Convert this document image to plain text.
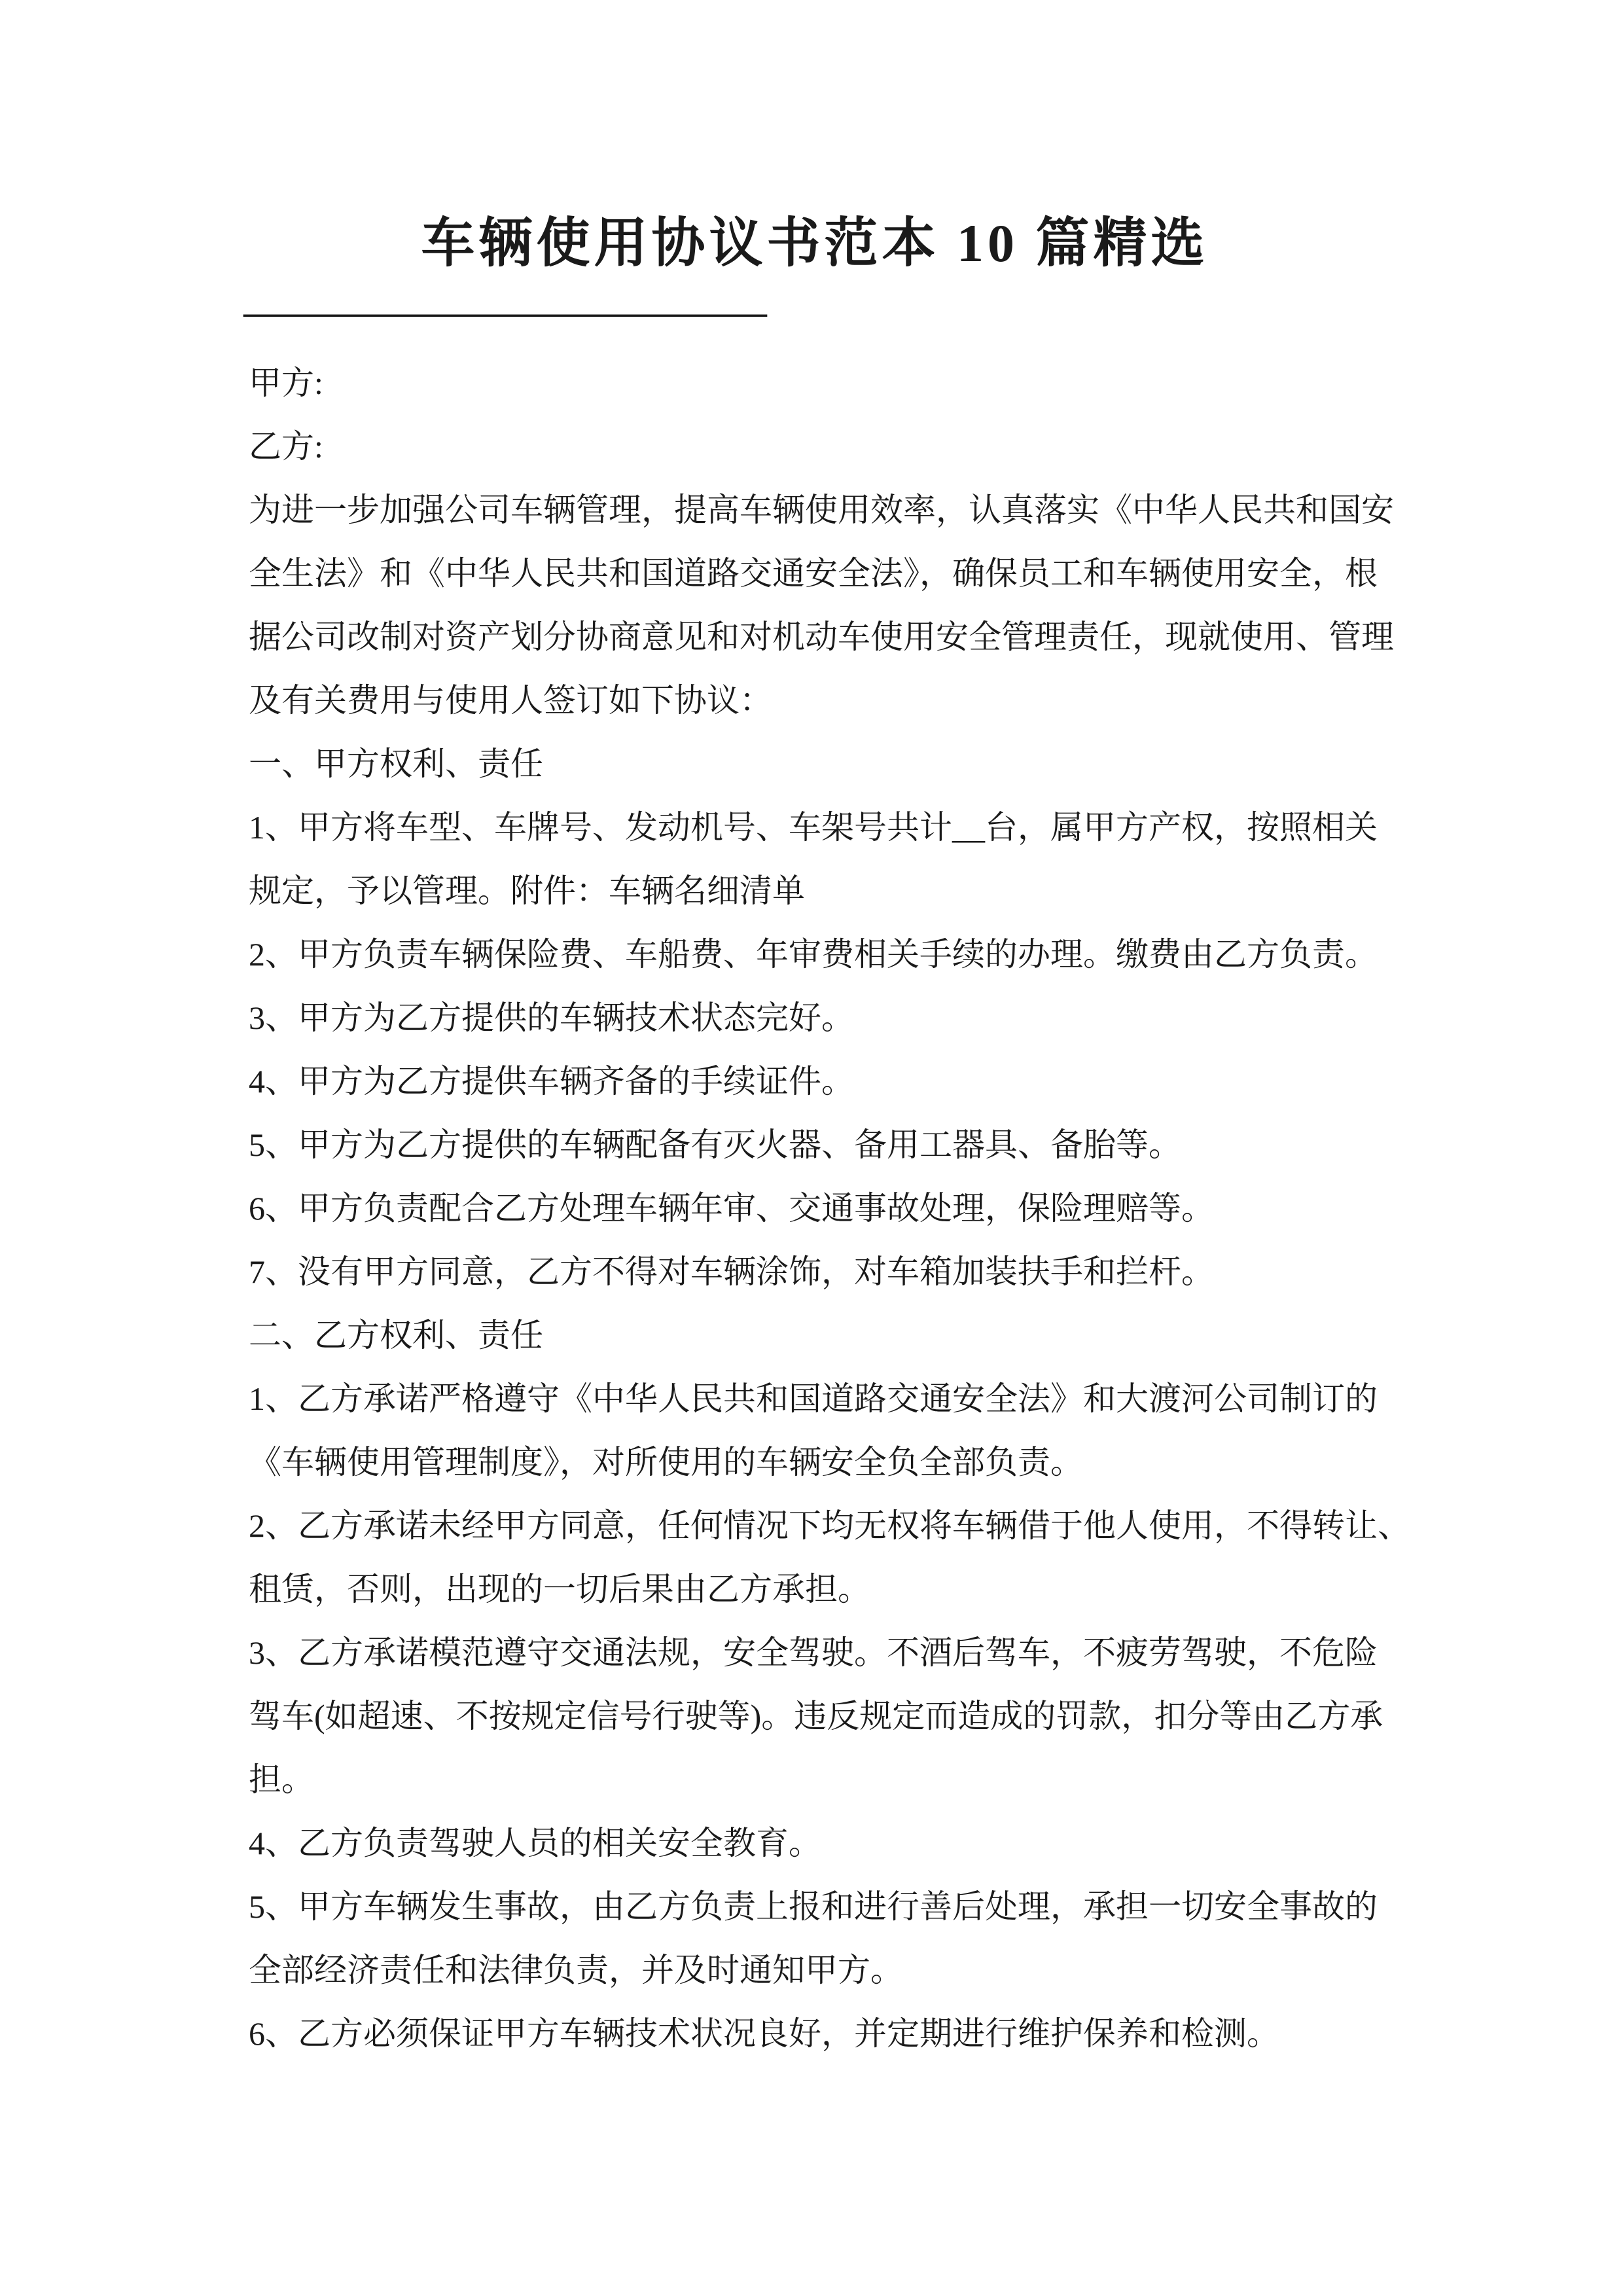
车辆使用协议书范本 10 篇精选
————————————————
甲方:
乙方:
为进一步加强公司车辆管理，提高车辆使用效率，认真落实《中华人民共和国安
全生法》和《中华人民共和国道路交通安全法》，确保员工和车辆使用安全，根
据公司改制对资产划分协商意见和对机动车使用安全管理责任，现就使用、管理
及有关费用与使用人签订如下协议：
一、甲方权利、责任
1、甲方将车型、车牌号、发动机号、车架号共计__台，属甲方产权，按照相关
规定，予以管理。附件：车辆名细清单
2、甲方负责车辆保险费、车船费、年审费相关手续的办理。缴费由乙方负责。
3、甲方为乙方提供的车辆技术状态完好。
4、甲方为乙方提供车辆齐备的手续证件。
5、甲方为乙方提供的车辆配备有灭火器、备用工器具、备胎等。
6、甲方负责配合乙方处理车辆年审、交通事故处理，保险理赔等。
7、没有甲方同意，乙方不得对车辆涂饰，对车箱加装扶手和拦杆。
二、乙方权利、责任
1、乙方承诺严格遵守《中华人民共和国道路交通安全法》和大渡河公司制订的
《车辆使用管理制度》，对所使用的车辆安全负全部负责。
2、乙方承诺未经甲方同意，任何情况下均无权将车辆借于他人使用，不得转让、
租赁，否则，出现的一切后果由乙方承担。
3、乙方承诺模范遵守交通法规，安全驾驶。不酒后驾车，不疲劳驾驶，不危险
驾车(如超速、不按规定信号行驶等)。违反规定而造成的罚款，扣分等由乙方承
担。
4、乙方负责驾驶人员的相关安全教育。
5、甲方车辆发生事故，由乙方负责上报和进行善后处理，承担一切安全事故的
全部经济责任和法律负责，并及时通知甲方。
6、乙方必须保证甲方车辆技术状况良好，并定期进行维护保养和检测。
